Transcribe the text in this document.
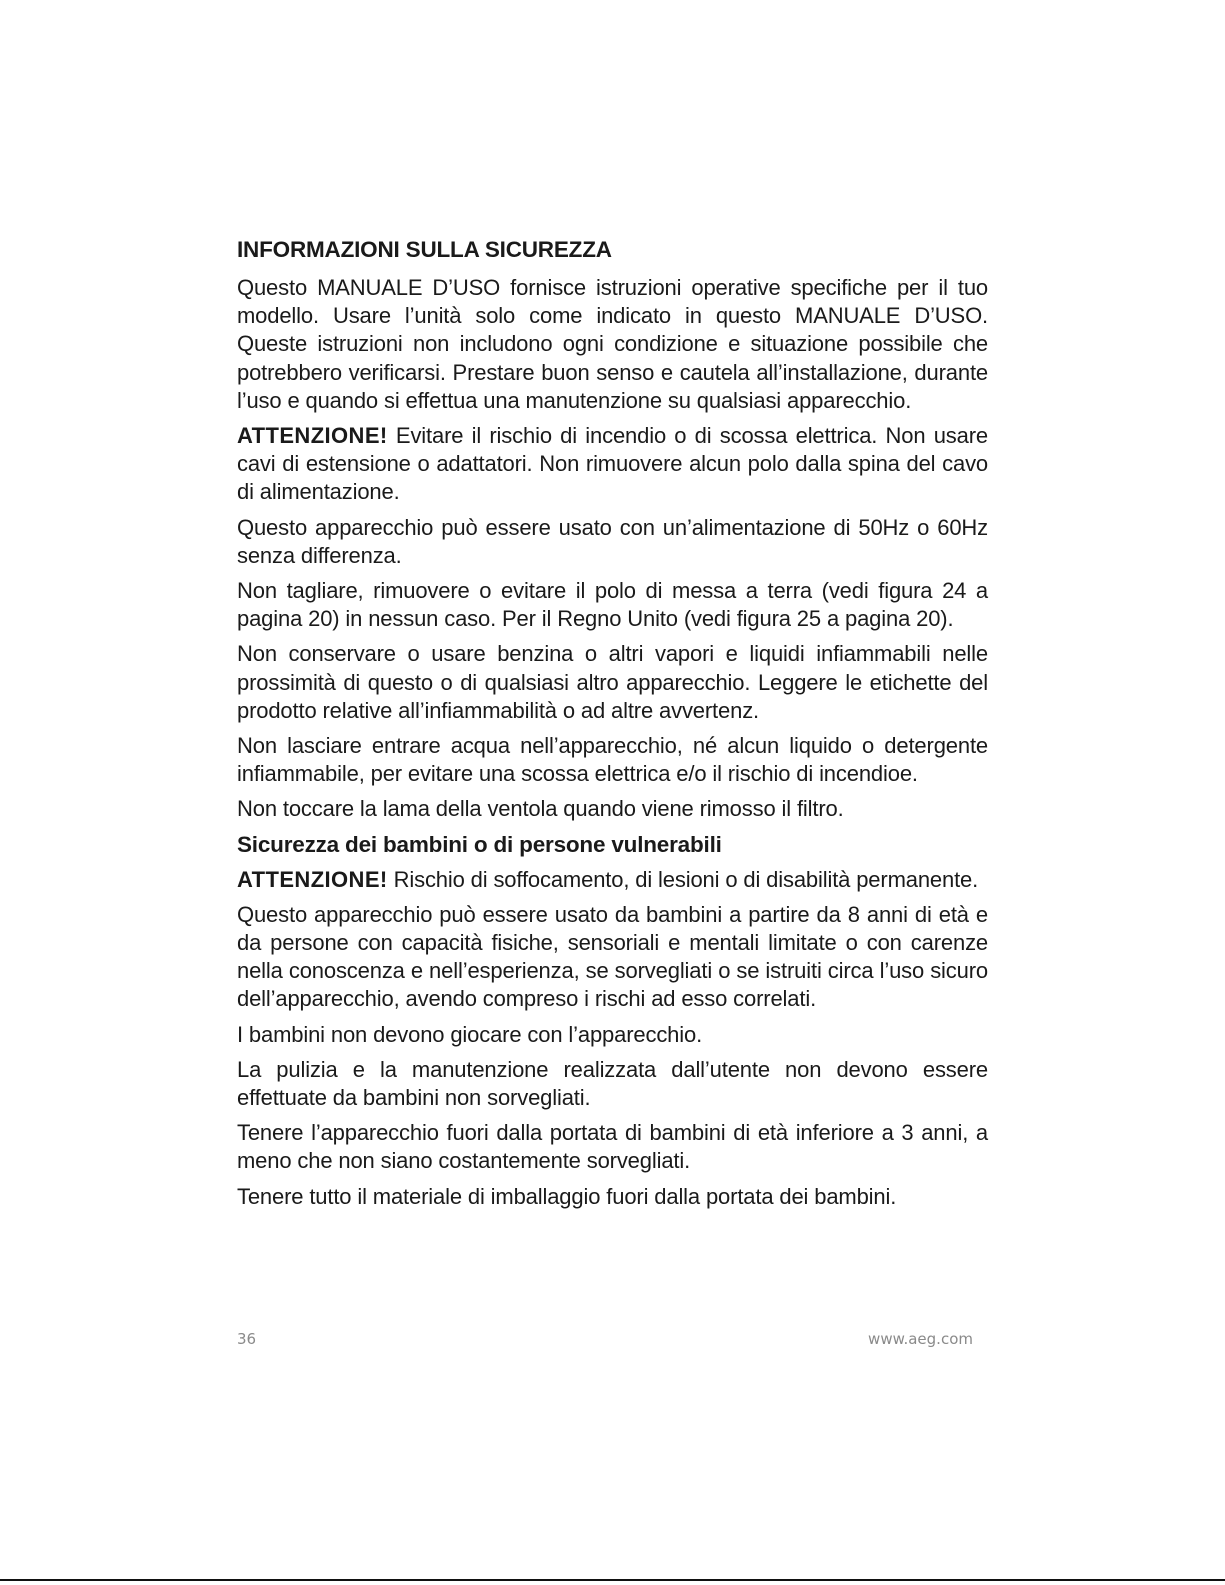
INFORMAZIONI SULLA SICUREZZA

Questo MANUALE D’USO fornisce istruzioni operative specifiche per il tuo modello. Usare l’unità solo come indicato in questo MANUALE D’USO. Queste istruzioni non includono ogni condizione e situazione possibile che potrebbero verificarsi. Prestare buon senso e cautela all’installazione, durante l’uso e quando si effettua una manutenzione su qualsiasi apparecchio.

ATTENZIONE! Evitare il rischio di incendio o di scossa elettrica. Non usare cavi di estensione o adattatori. Non rimuovere alcun polo dalla spina del cavo di alimentazione.

Questo apparecchio può essere usato con un’alimentazione di 50Hz o 60Hz senza differenza.

Non tagliare, rimuovere o evitare il polo di messa a terra (vedi figura 24 a pagina 20) in nessun caso. Per il Regno Unito (vedi figura 25 a pagina 20).

Non conservare o usare benzina o altri vapori e liquidi infiammabili nelle prossimità di questo o di qualsiasi altro apparecchio. Leggere le etichette del prodotto relative all’infiammabilità o ad altre avvertenz.

Non lasciare entrare acqua nell’apparecchio, né alcun liquido o detergente infiammabile, per evitare una scossa elettrica e/o il rischio di incendioe.

Non toccare la lama della ventola quando viene rimosso il filtro.

Sicurezza dei bambini o di persone vulnerabili

ATTENZIONE! Rischio di soffocamento, di lesioni o di disabilità permanente.

Questo apparecchio può essere usato da bambini a partire da 8 anni di età e da persone con capacità fisiche, sensoriali e mentali limitate o con carenze nella conoscenza e nell’esperienza, se sorvegliati o se istruiti circa l’uso sicuro dell’apparecchio, avendo compreso i rischi ad esso correlati.

I bambini non devono giocare con l’apparecchio.

La pulizia e la manutenzione realizzata dall’utente non devono essere effettuate da bambini non sorvegliati.

Tenere l’apparecchio fuori dalla portata di bambini di età inferiore a 3 anni, a meno che non siano costantemente sorvegliati.

Tenere tutto il materiale di imballaggio fuori dalla portata dei bambini.

36	www.aeg.com
